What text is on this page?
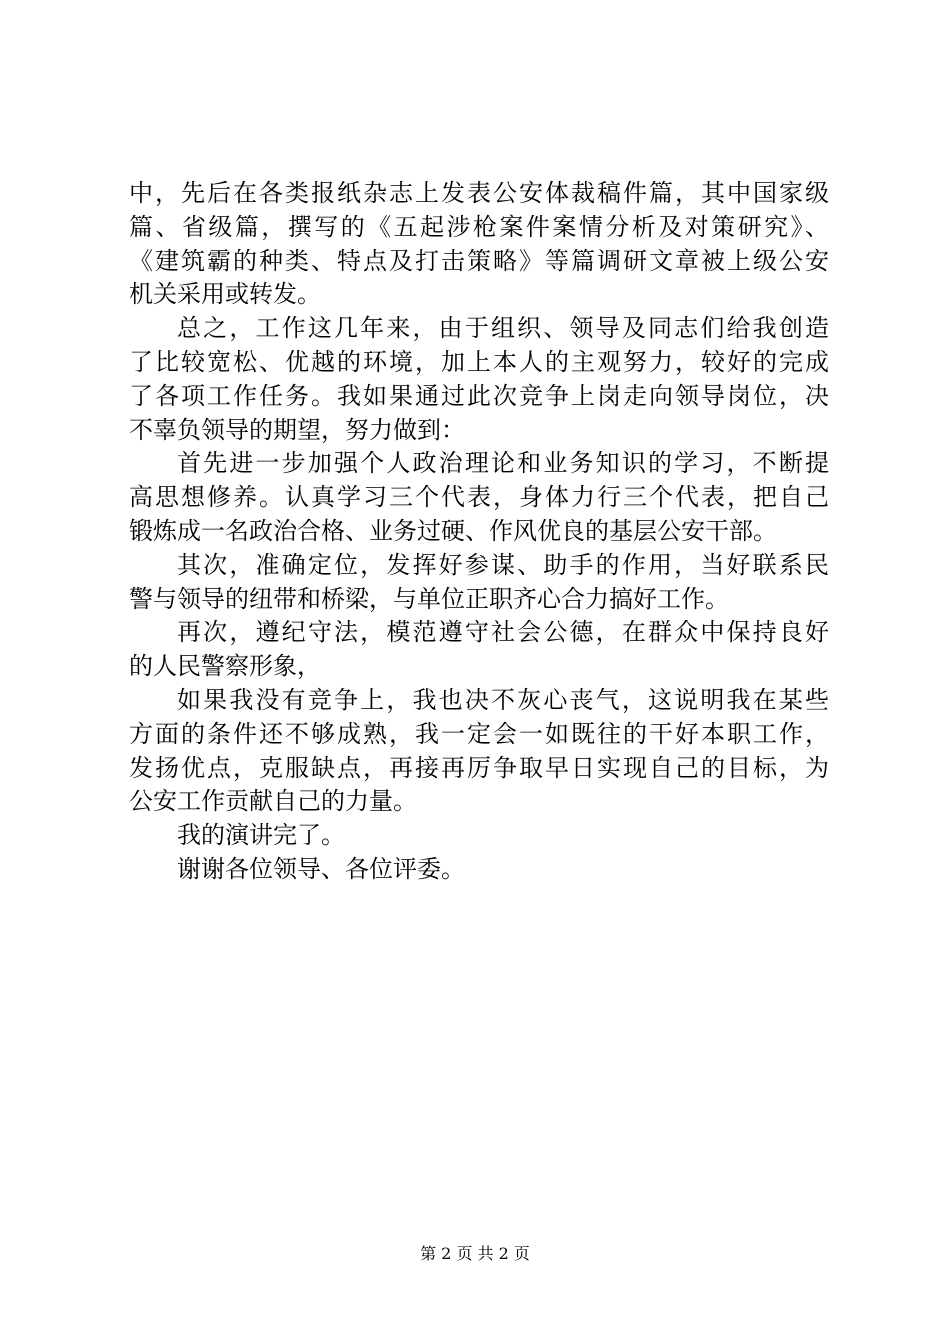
中，先后在各类报纸杂志上发表公安体裁稿件篇，其中国家级
篇、省级篇，撰写的《五起涉枪案件案情分析及对策研究》、
《建筑霸的种类、特点及打击策略》等篇调研文章被上级公安
机关采用或转发。
总之，工作这几年来，由于组织、领导及同志们给我创造
了比较宽松、优越的环境，加上本人的主观努力，较好的完成
了各项工作任务。我如果通过此次竞争上岗走向领导岗位，决
不辜负领导的期望，努力做到：
首先进一步加强个人政治理论和业务知识的学习，不断提
高思想修养。认真学习三个代表，身体力行三个代表，把自己
锻炼成一名政治合格、业务过硬、作风优良的基层公安干部。
其次，准确定位，发挥好参谋、助手的作用，当好联系民
警与领导的纽带和桥梁，与单位正职齐心合力搞好工作。
再次，遵纪守法，模范遵守社会公德，在群众中保持良好
的人民警察形象，
如果我没有竞争上，我也决不灰心丧气，这说明我在某些
方面的条件还不够成熟，我一定会一如既往的干好本职工作，
发扬优点，克服缺点，再接再厉争取早日实现自己的目标，为
公安工作贡献自己的力量。
我的演讲完了。
谢谢各位领导、各位评委。
第 2 页 共 2 页
